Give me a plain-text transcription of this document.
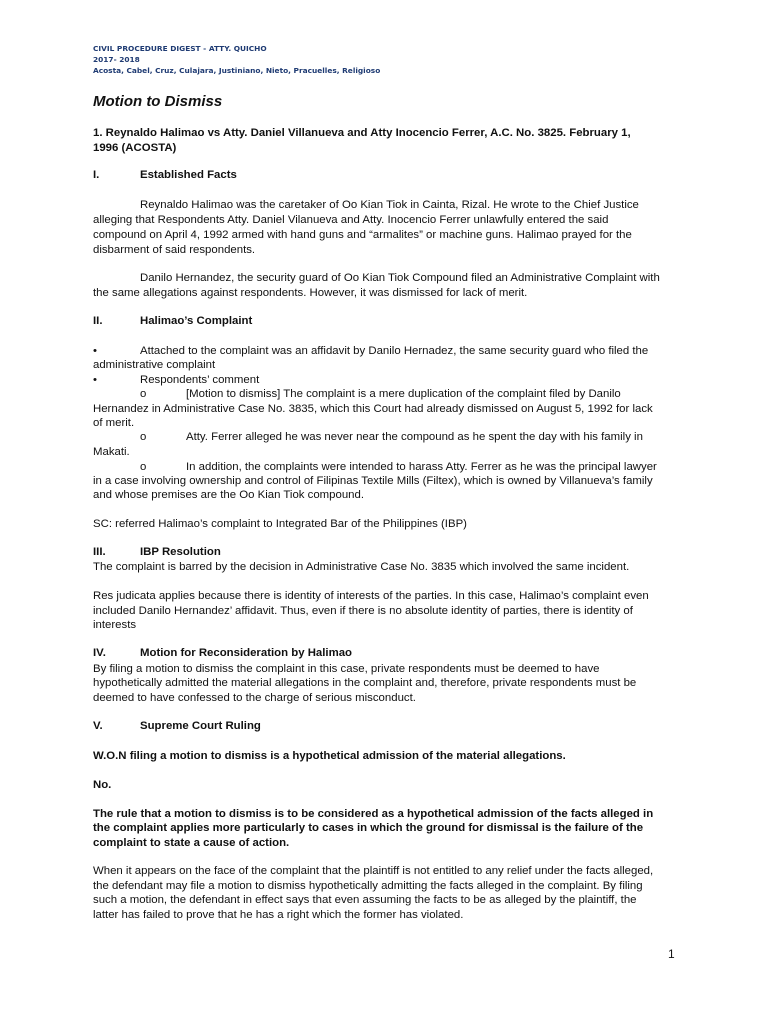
CIVIL PROCEDURE DIGEST - ATTY. QUICHO
2017- 2018
Acosta, Cabel, Cruz, Culajara, Justiniano, Nieto, Pracuelles, Religioso
Motion to Dismiss
1. Reynaldo Halimao vs Atty. Daniel Villanueva and Atty Inocencio Ferrer, A.C. No. 3825. February 1,
1996 (ACOSTA)
I.	Established Facts
Reynaldo Halimao was the caretaker of Oo Kian Tiok in Cainta, Rizal. He wrote to the Chief Justice
alleging that Respondents Atty. Daniel Vilanueva and Atty. Inocencio Ferrer unlawfully entered the said
compound on April 4, 1992 armed with hand guns and “armalites” or machine guns. Halimao prayed for the
disbarment of said respondents.
Danilo Hernandez, the security guard of Oo Kian Tiok Compound filed an Administrative Complaint with
the same allegations against respondents. However, it was dismissed for lack of merit.
II.	Halimao’s Complaint
•	Attached to the complaint was an affidavit by Danilo Hernadez, the same security guard who filed the
administrative complaint
•	Respondents’ comment
o	[Motion to dismiss] The complaint is a mere duplication of the complaint filed by Danilo
Hernandez in Administrative Case No. 3835, which this Court had already dismissed on August 5, 1992 for lack
of merit.
o	Atty. Ferrer alleged he was never near the compound as he spent the day with his family in
Makati.
o	In addition, the complaints were intended to harass Atty. Ferrer as he was the principal lawyer
in a case involving ownership and control of Filipinas Textile Mills (Filtex), which is owned by Villanueva’s family
and whose premises are the Oo Kian Tiok compound.
SC: referred Halimao’s complaint to Integrated Bar of the Philippines (IBP)
III.	IBP Resolution
The complaint is barred by the decision in Administrative Case No. 3835 which involved the same incident.
Res judicata applies because there is identity of interests of the parties. In this case, Halimao’s complaint even
included Danilo Hernandez’ affidavit. Thus, even if there is no absolute identity of parties, there is identity of
interests
IV.	Motion for Reconsideration by Halimao
By filing a motion to dismiss the complaint in this case, private respondents must be deemed to have
hypothetically admitted the material allegations in the complaint and, therefore, private respondents must be
deemed to have confessed to the charge of serious misconduct.
V.	Supreme Court Ruling
W.O.N filing a motion to dismiss is a hypothetical admission of the material allegations.
No.
The rule that a motion to dismiss is to be considered as a hypothetical admission of the facts alleged in
the complaint applies more particularly to cases in which the ground for dismissal is the failure of the
complaint to state a cause of action.
When it appears on the face of the complaint that the plaintiff is not entitled to any relief under the facts alleged,
the defendant may file a motion to dismiss hypothetically admitting the facts alleged in the complaint. By filing
such a motion, the defendant in effect says that even assuming the facts to be as alleged by the plaintiff, the
latter has failed to prove that he has a right which the former has violated.
1
